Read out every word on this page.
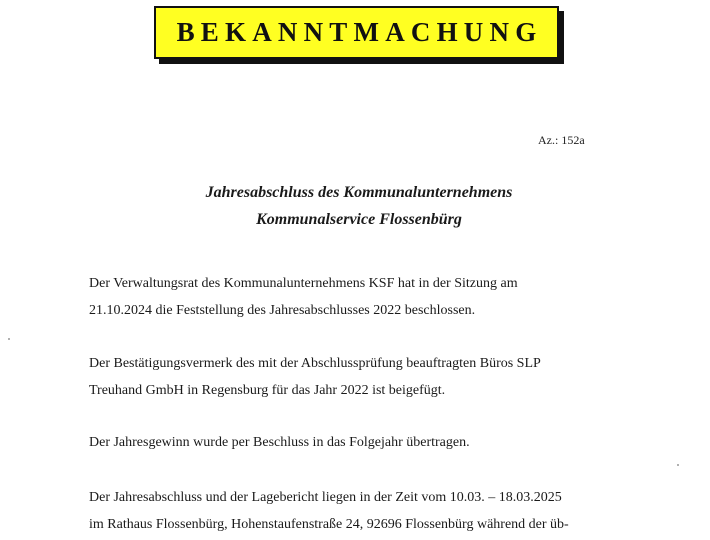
BEKANNTMACHUNG
Az.: 152a
Jahresabschluss des Kommunalunternehmens
Kommunalservice Flossenbürg

Der Verwaltungsrat des Kommunalunternehmens KSF hat in der Sitzung am
21.10.2024 die Feststellung des Jahresabschlusses 2022 beschlossen.

Der Bestätigungsvermerk des mit der Abschlussprüfung beauftragten Büros SLP
Treuhand GmbH in Regensburg für das Jahr 2022 ist beigefügt.

Der Jahresgewinn wurde per Beschluss in das Folgejahr übertragen.

Der Jahresabschluss und der Lagebericht liegen in der Zeit vom 10.03. – 18.03.2025
im Rathaus Flossenbürg, Hohenstaufenstraße 24, 92696 Flossenbürg während der üb-
